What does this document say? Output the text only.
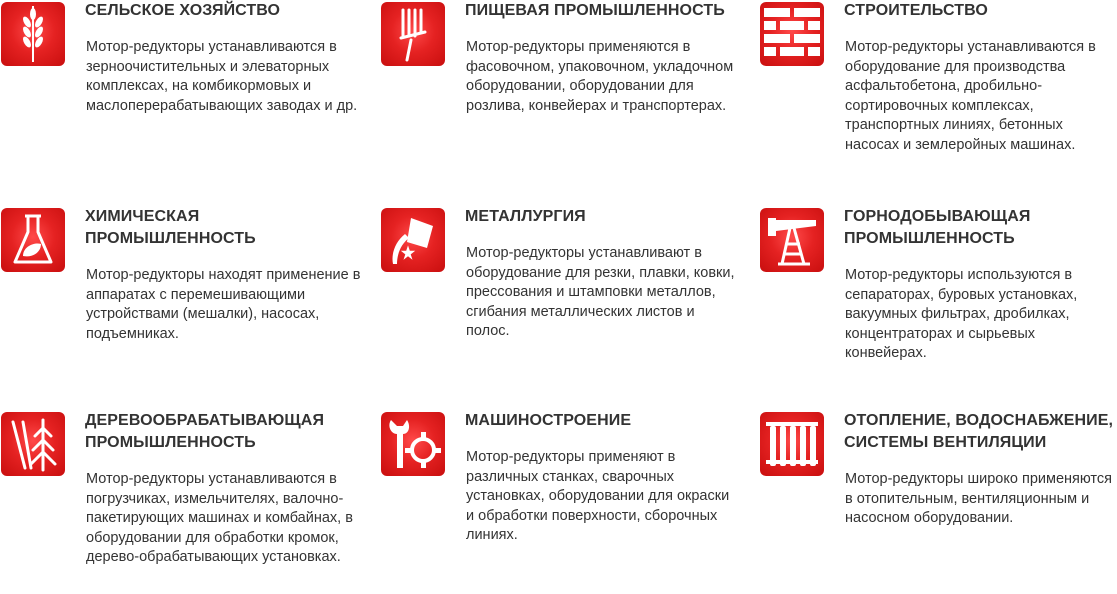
СЕЛЬСКОЕ ХОЗЯЙСТВО
Мотор-редукторы устанавливаются в зерноочистительных и элеваторных комплексах, на комбикормовых и маслоперерабатывающих заводах и др.
ПИЩЕВАЯ ПРОМЫШЛЕННОСТЬ
Мотор-редукторы применяются в фасовочном, упаковочном, укладочном оборудовании, оборудовании для розлива, конвейерах и транспортерах.
СТРОИТЕЛЬСТВО
Мотор-редукторы устанавливаются в оборудование для производства асфальтобетона, дробильно-сортировочных комплексах, транспортных линиях, бетонных насосах и землеройных машинах.
ХИМИЧЕСКАЯ ПРОМЫШЛЕННОСТЬ
Мотор-редукторы находят применение в аппаратах с перемешивающими устройствами (мешалки), насосах, подъемниках.
МЕТАЛЛУРГИЯ
Мотор-редукторы устанавливают в оборудование для резки, плавки, ковки, прессования и штамповки металлов, сгибания металлических листов и полос.
ГОРНОДОБЫВАЮЩАЯ ПРОМЫШЛЕННОСТЬ
Мотор-редукторы используются в сепараторах, буровых установках, вакуумных фильтрах, дробилках, концентраторах и сырьевых конвейерах.
ДЕРЕВООБРАБАТЫВАЮЩАЯ ПРОМЫШЛЕННОСТЬ
Мотор-редукторы устанавливаются в погрузчиках, измельчителях, валочно-пакетирующих машинах и комбайнах, в оборудовании для обработки кромок, дерево-обрабатывающих установках.
МАШИНОСТРОЕНИЕ
Мотор-редукторы применяют в различных станках, сварочных установках, оборудовании для окраски и обработки поверхности, сборочных линиях.
ОТОПЛЕНИЕ, ВОДОСНАБЖЕНИЕ, СИСТЕМЫ ВЕНТИЛЯЦИИ
Мотор-редукторы широко применяются в отопительным, вентиляционным и насосном оборудовании.
